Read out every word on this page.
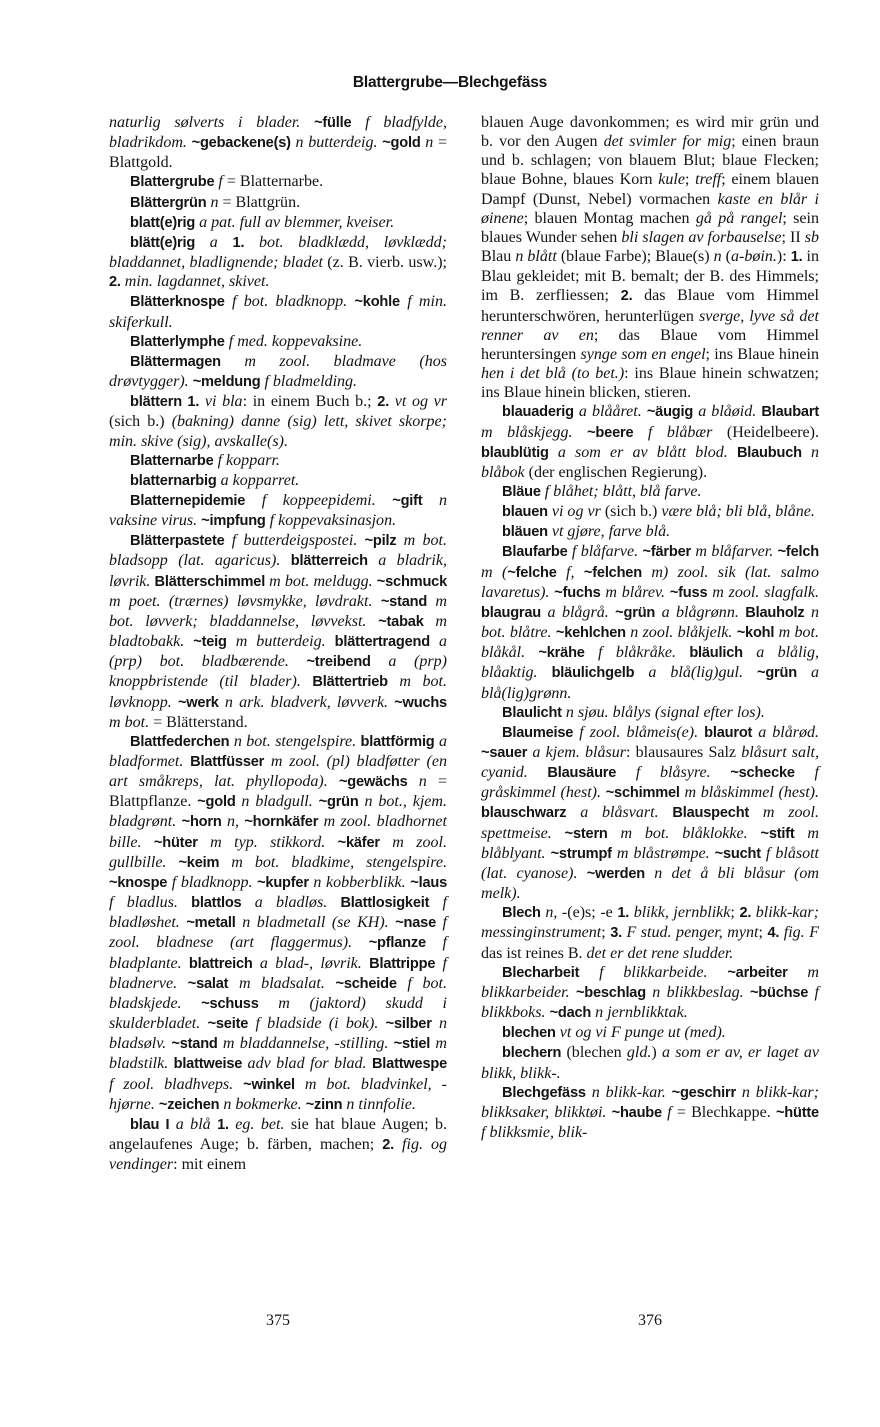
Blattergrube—Blechgefäss

naturlig sølverts i blader. ~fülle f bladfylde, bladrikdom. ~gebackene(s) n butterdeig. ~gold n = Blattgold.

Blattergrube f = Blatternarbe.

Blättergrün n = Blattgrün.

blatt(e)rig a pat. full av blemmer, kveiser.

blätt(e)rig a 1. bot. bladklædd, løvklædd; bladdannet, bladlignende; bladet (z. B. vierb. usw.); 2. min. lagdannet, skivet.

Blätterknospe f bot. bladknopp. ~kohle f min. skiferkull.

Blatterlymphe f med. koppevaksine.

Blättermagen m zool. bladmave (hos drøvtygger). ~meldung f bladmelding.

blättern 1. vi bla: in einem Buch b.; 2. vt og vr (sich b.) (bakning) danne (sig) lett, skivet skorpe; min. skive (sig), avskalle(s).

Blatternarbe f kopparr.

blatternarbig a kopparret.

Blatternepidemie f koppeepidemi. ~gift n vaksine virus. ~impfung f koppevaksinasjon.

Blätterpastete f butterdeigspostei. ~pilz m bot. bladsopp (lat. agaricus). blätterreich a bladrik, løvrik. Blätterschimmel m bot. meldugg. ~schmuck m poet. (trærnes) løvsmykke, løvdrakt. ~stand m bot. løvverk; bladdannelse, løvvekst. ~tabak m bladtobakk. ~teig m butterdeig. blättertragend a (prp) bot. bladbærende. ~treibend a (prp) knoppbristende (til blader). Blättertrieb m bot. løvknopp. ~werk n ark. bladverk, løvverk. ~wuchs m bot. = Blätterstand.

Blattfederchen n bot. stengelspire. blattförmig a bladformet. Blattfüsser m zool. (pl) bladføtter (en art småkreps, lat. phyllopoda). ~gewächs n = Blattpflanze. ~gold n bladgull. ~grün n bot., kjem. bladgrønt. ~horn n, ~hornkäfer m zool. bladhornet bille. ~hüter m typ. stikkord. ~käfer m zool. gullbille. ~keim m bot. bladkime, stengelspire. ~knospe f bladknopp. ~kupfer n kobberblikk. ~laus f bladlus. blattlos a bladløs. Blattlosigkeit f bladløshet. ~metall n bladmetall (se KH). ~nase f zool. bladnese (art flaggermus). ~pflanze f bladplante. blattreich a blad-, løvrik. Blattrippe f bladnerve. ~salat m bladsalat. ~scheide f bot. bladskjede. ~schuss m (jaktord) skudd i skulderbladet. ~seite f bladside (i bok). ~silber n bladsølv. ~stand m bladdannelse, -stilling. ~stiel m bladstilk. blattweise adv blad for blad. Blattwespe f zool. bladhveps. ~winkel m bot. bladvinkel, -hjørne. ~zeichen n bokmerke. ~zinn n tinnfolie.

blau I a blå 1. eg. bet. sie hat blaue Augen; b. angelaufenes Auge; b. färben, machen; 2. fig. og vendinger: mit einem

blauen Auge davonkommen; es wird mir grün und b. vor den Augen det svimler for mig; einen braun und b. schlagen; von blauem Blut; blaue Flecken; blaue Bohne, blaues Korn kule; treff; einem blauen Dampf (Dunst, Nebel) vormachen kaste en blår i øinene; blauen Montag machen gå på rangel; sein blaues Wunder sehen bli slagen av forbauselse; II sb Blau n blått (blaue Farbe); Blaue(s) n (a-bøin.): 1. in Blau gekleidet; mit B. bemalt; der B. des Himmels; im B. zerfliessen; 2. das Blaue vom Himmel herunterschwören, herunterlügen sverge, lyve så det renner av en; das Blaue vom Himmel heruntersingen synge som en engel; ins Blaue hinein hen i det blå (to bet.): ins Blaue hinein schwatzen; ins Blaue hinein blicken, stieren.

blauaderig a blååret. ~äugig a blåøid. Blaubart m blåskjegg. ~beere f blåbær (Heidelbeere). blaublütig a som er av blått blod. Blaubuch n blåbok (der englischen Regierung).

Bläue f blåhet; blått, blå farve.

blauen vi og vr (sich b.) være blå; bli blå, blåne.

bläuen vt gjøre, farve blå.

Blaufarbe f blåfarve. ~färber m blåfarver. ~felch m (~felche f, ~felchen m) zool. sik (lat. salmo lavaretus). ~fuchs m blårev. ~fuss m zool. slagfalk. blaugrau a blågrå. ~grün a blågrønn. Blauholz n bot. blåtre. ~kehlchen n zool. blåkjelk. ~kohl m bot. blåkål. ~krähe f blåkråke. bläulich a blålig, blåaktig. bläulichgelb a blå(lig)gul. ~grün a blå(lig)grønn.

Blaulicht n sjøu. blålys (signal efter los).

Blaumeise f zool. blåmeis(e). blaurot a blårød. ~sauer a kjem. blåsur: blausaures Salz blåsurt salt, cyanid. Blausäure f blåsyre. ~schecke f gråskimmel (hest). ~schimmel m blåskimmel (hest). blauschwarz a blåsvart. Blauspecht m zool. spettmeise. ~stern m bot. blåklokke. ~stift m blåblyant. ~strumpf m blåstrømpe. ~sucht f blåsott (lat. cyanose). ~werden n det å bli blåsur (om melk).

Blech n, -(e)s; -e 1. blikk, jernblikk; 2. blikk-kar; messinginstrument; 3. F stud. penger, mynt; 4. fig. F das ist reines B. det er det rene sludder.

Blecharbeit f blikkarbeide. ~arbeiter m blikkarbeider. ~beschlag n blikkbeslag. ~büchse f blikkboks. ~dach n jernblikktak.

blechen vt og vi F punge ut (med).

blechern (blechen gld.) a som er av, er laget av blikk, blikk-.

Blechgefäss n blikk-kar. ~geschirr n blikk-kar; blikksaker, blikktøi. ~haube f = Blechkappe. ~hütte f blikksmie, blik-

375	376
